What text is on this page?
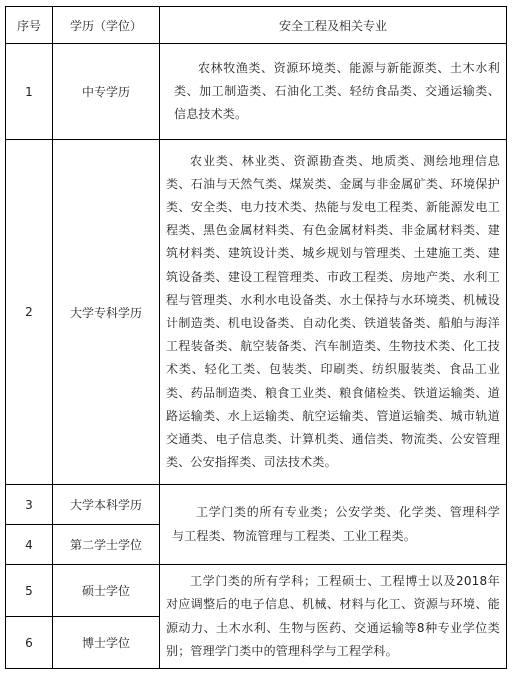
序号	学历（学位）	安全工程及相关专业
1	中专学历	农林牧渔类、资源环境类、能源与新能源类、土木水利类、加工制造类、石油化工类、轻纺食品类、交通运输类、信息技术类。

2	大学专科学历	农业类、林业类、资源勘查类、地质类、测绘地理信息类、石油与天然气类、煤炭类、金属与非金属矿类、环境保护类、安全类、电力技术类、热能与发电工程类、新能源发电工程类、黑色金属材料类、有色金属材料类、非金属材料类、建筑材料类、建筑设计类、城乡规划与管理类、土建施工类、建筑设备类、建设工程管理类、市政工程类、房地产类、水利工程与管理类、水利水电设备类、水土保持与水环境类、机械设计制造类、机电设备类、自动化类、铁道装备类、船舶与海洋工程装备类、航空装备类、汽车制造类、生物技术类、化工技术类、轻化工类、包装类、印刷类、纺织服装类、食品工业类、药品制造类、粮食工业类、粮食储检类、铁道运输类、道路运输类、水上运输类、航空运输类、管道运输类、城市轨道交通类、电子信息类、计算机类、通信类、物流类、公安管理类、公安指挥类、司法技术类。

3	大学本科学历	工学门类的所有专业类；公安学类、化学类、管理科学与工程类、物流管理与工程类、工业工程类。

4	第二学士学位	
5	硕士学位	工学门类的所有学科；工程硕士、工程博士以及2018年对应调整后的电子信息、机械、材料与化工、资源与环境、能源动力、土木水利、生物与医药、交通运输等8种专业学位类别；管理学门类中的管理科学与工程学科。

6	博士学位	
